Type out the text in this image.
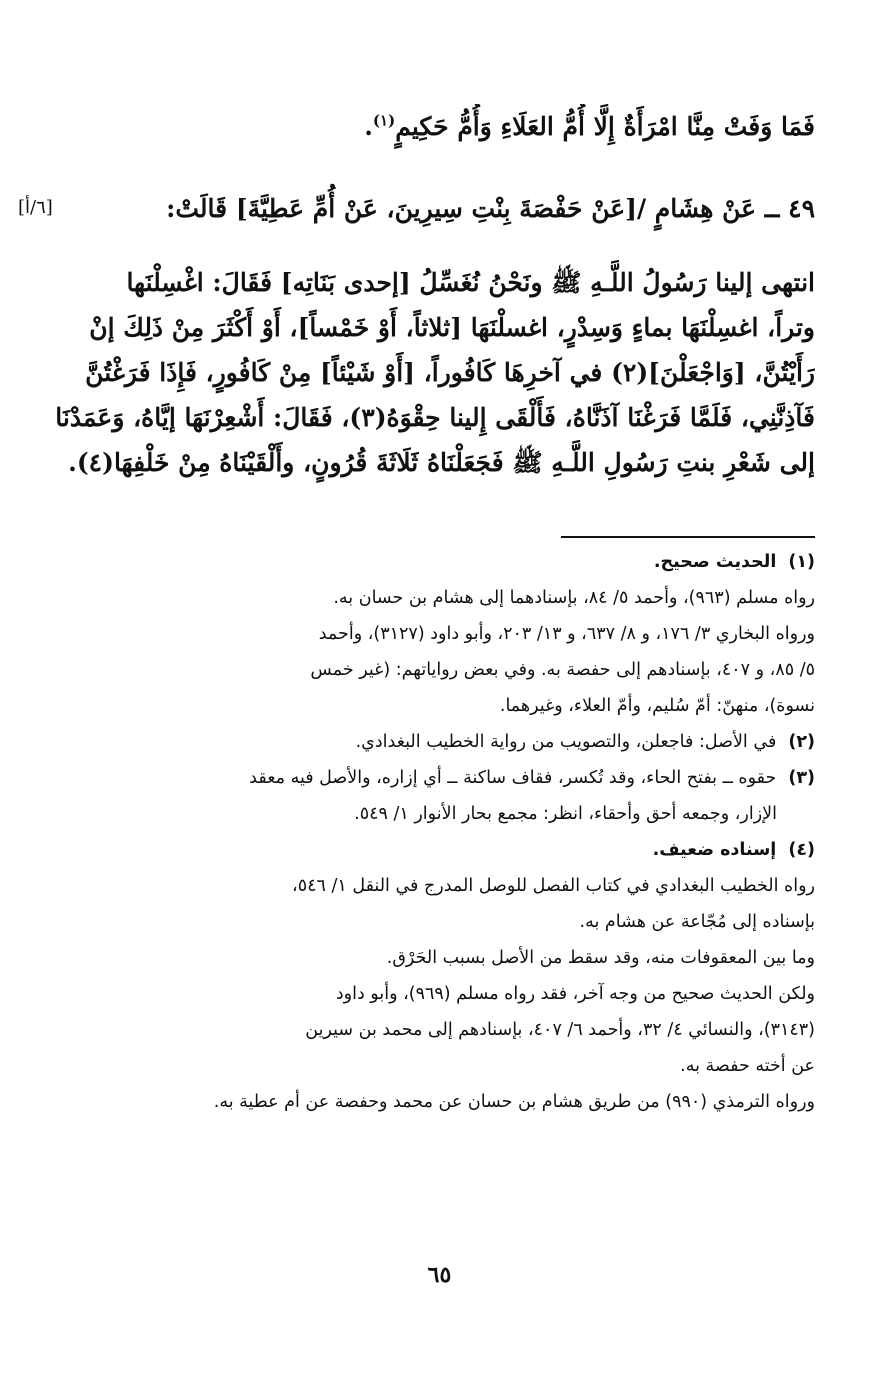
فَمَا وَفَتْ مِنَّا امْرَأَةٌ إِلَّا أُمُّ العَلَاءِ وَأُمُّ حَكِيمٍ$^{(١)}$.
٤٩ ــ عَنْ هِشَامٍ /[عَنْ حَفْصَةَ بِنْتِ سِيرِينَ، عَنْ أُمِّ عَطِيَّةَ] قَالَتْ:
[٦/أ]
انتهى إلينا رَسُولُ اللَّـهِ ﷺ ونَحْنُ نُغَسِّلُ [إحدى بَنَاتِه] فَقَالَ: اغْسِلْنَها
وتراً، اغسِلْنَهَا بماءٍ وَسِدْرٍ، اغسلْنَهَا [ثلاثاً، أَوْ خَمْساً]، أَوْ أَكْثَرَ مِنْ ذَلِكَ إنْ
رَأَيْتُنَّ، [وَاجْعَلْنَ](٢) في آخرِهَا كَافُوراً، [أَوْ شَيْئاً] مِنْ كَافُورٍ، فَإِذَا فَرَغْتُنَّ
فَآذِنَّنِي، فَلَمَّا فَرَغْنَا آذَنَّاهُ، فَأَلْقَى إِلينا حِقْوَهُ(٣)، فَقَالَ: أَشْعِرْنَهَا إيَّاهُ، وَعَمَدْنَا
إلى شَعْرِ بنتِ رَسُولِ اللَّـهِ ﷺ فَجَعَلْنَاهُ ثَلَاثَةَ قُرُونٍ، وأَلْقَيْنَاهُ مِنْ خَلْفِهَا(٤).
(١)الحديث صحيح.
رواه مسلم (٩٦٣)، وأحمد ٥/ ٨٤، بإسنادهما إلى هشام بن حسان به.
ورواه البخاري ٣/ ١٧٦، و ٨/ ٦٣٧، و ١٣/ ٢٠٣، وأبو داود (٣١٢٧)، وأحمد
٥/ ٨٥، و ٤٠٧، بإسنادهم إلى حفصة به. وفي بعض رواياتهم: (غير خمس
نسوة)، منهنّ: أمّ سُليم، وأمّ العلاء، وغيرهما.
(٢)في الأصل: فاجعلن، والتصويب من رواية الخطيب البغدادي.
(٣)حقوه ــ بفتح الحاء، وقد تُكسر، فقاف ساكنة ــ أي إزاره، والأصل فيه معقد
الإزار، وجمعه أحق وأحقاء، انظر: مجمع بحار الأنوار ١/ ٥٤٩.
(٤)إسناده ضعيف.
رواه الخطيب البغدادي في كتاب الفصل للوصل المدرج في النقل ١/ ٥٤٦،
بإسناده إلى مُجّاعة عن هشام به.
وما بين المعقوفات منه، وقد سقط من الأصل بسبب الحَرْق.
ولكن الحديث صحيح من وجه آخر، فقد رواه مسلم (٩٦٩)، وأبو داود
(٣١٤٣)، والنسائي ٤/ ٣٢، وأحمد ٦/ ٤٠٧، بإسنادهم إلى محمد بن سيرين
عن أخته حفصة به.
ورواه الترمذي (٩٩٠) من طريق هشام بن حسان عن محمد وحفصة عن أم عطية به.
٦٥
